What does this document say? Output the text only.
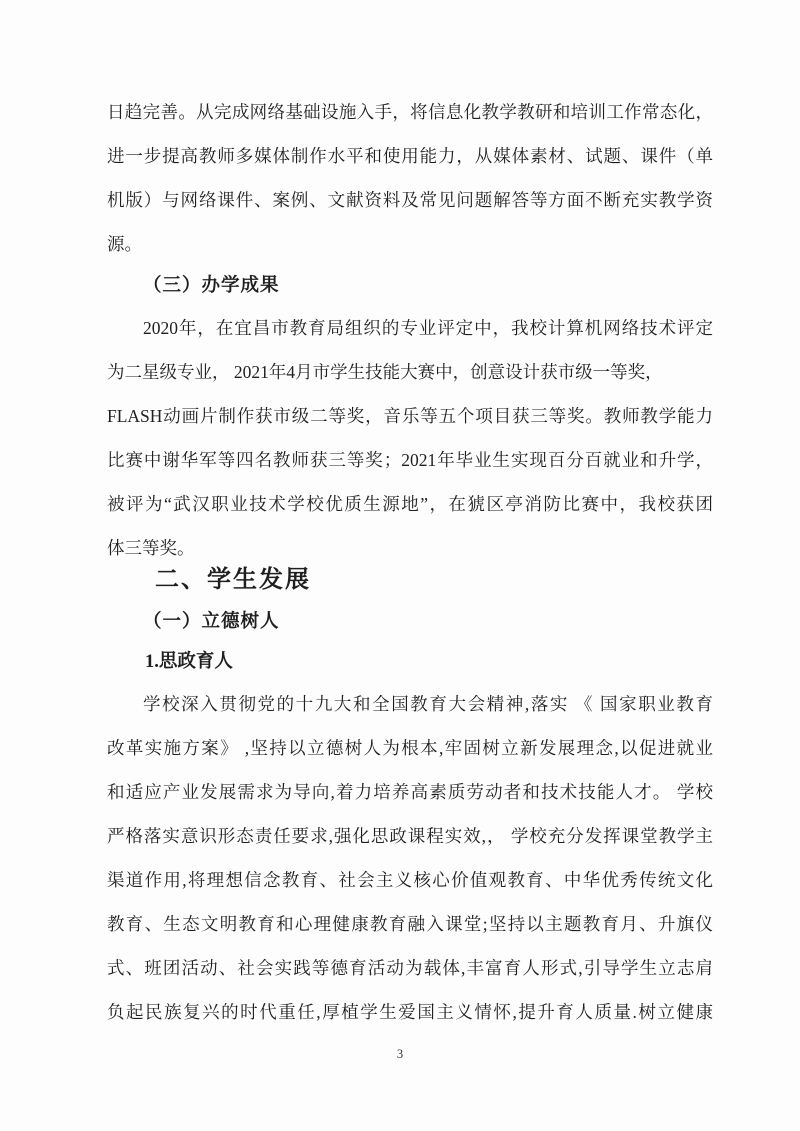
日趋完善。从完成网络基础设施入手，将信息化教学教研和培训工作常态化，
进一步提高教师多媒体制作水平和使用能力，从媒体素材、试题、课件（单
机版）与网络课件、案例、文献资料及常见问题解答等方面不断充实教学资
源。
（三）办学成果
2020年，在宜昌市教育局组织的专业评定中，我校计算机网络技术评定
为二星级专业， 2021年4月市学生技能大赛中，创意设计获市级一等奖，
FLASH动画片制作获市级二等奖，音乐等五个项目获三等奖。教师教学能力
比赛中谢华军等四名教师获三等奖；2021年毕业生实现百分百就业和升学，
被评为“武汉职业技术学校优质生源地”，在猇区亭消防比赛中，我校获团
体三等奖。
二、学生发展
（一）立德树人
1.思政育人
学校深入贯彻党的十九大和全国教育大会精神,落实 《 国家职业教育
改革实施方案》 ,坚持以立德树人为根本,牢固树立新发展理念,以促进就业
和适应产业发展需求为导向,着力培养高素质劳动者和技术技能人才。 学校
严格落实意识形态责任要求,强化思政课程实效,， 学校充分发挥课堂教学主
渠道作用,将理想信念教育、社会主义核心价值观教育、中华优秀传统文化
教育、生态文明教育和心理健康教育融入课堂;坚持以主题教育月、升旗仪
式、班团活动、社会实践等德育活动为载体,丰富育人形式,引导学生立志肩
负起民族复兴的时代重任,厚植学生爱国主义情怀,提升育人质量.树立健康
3
